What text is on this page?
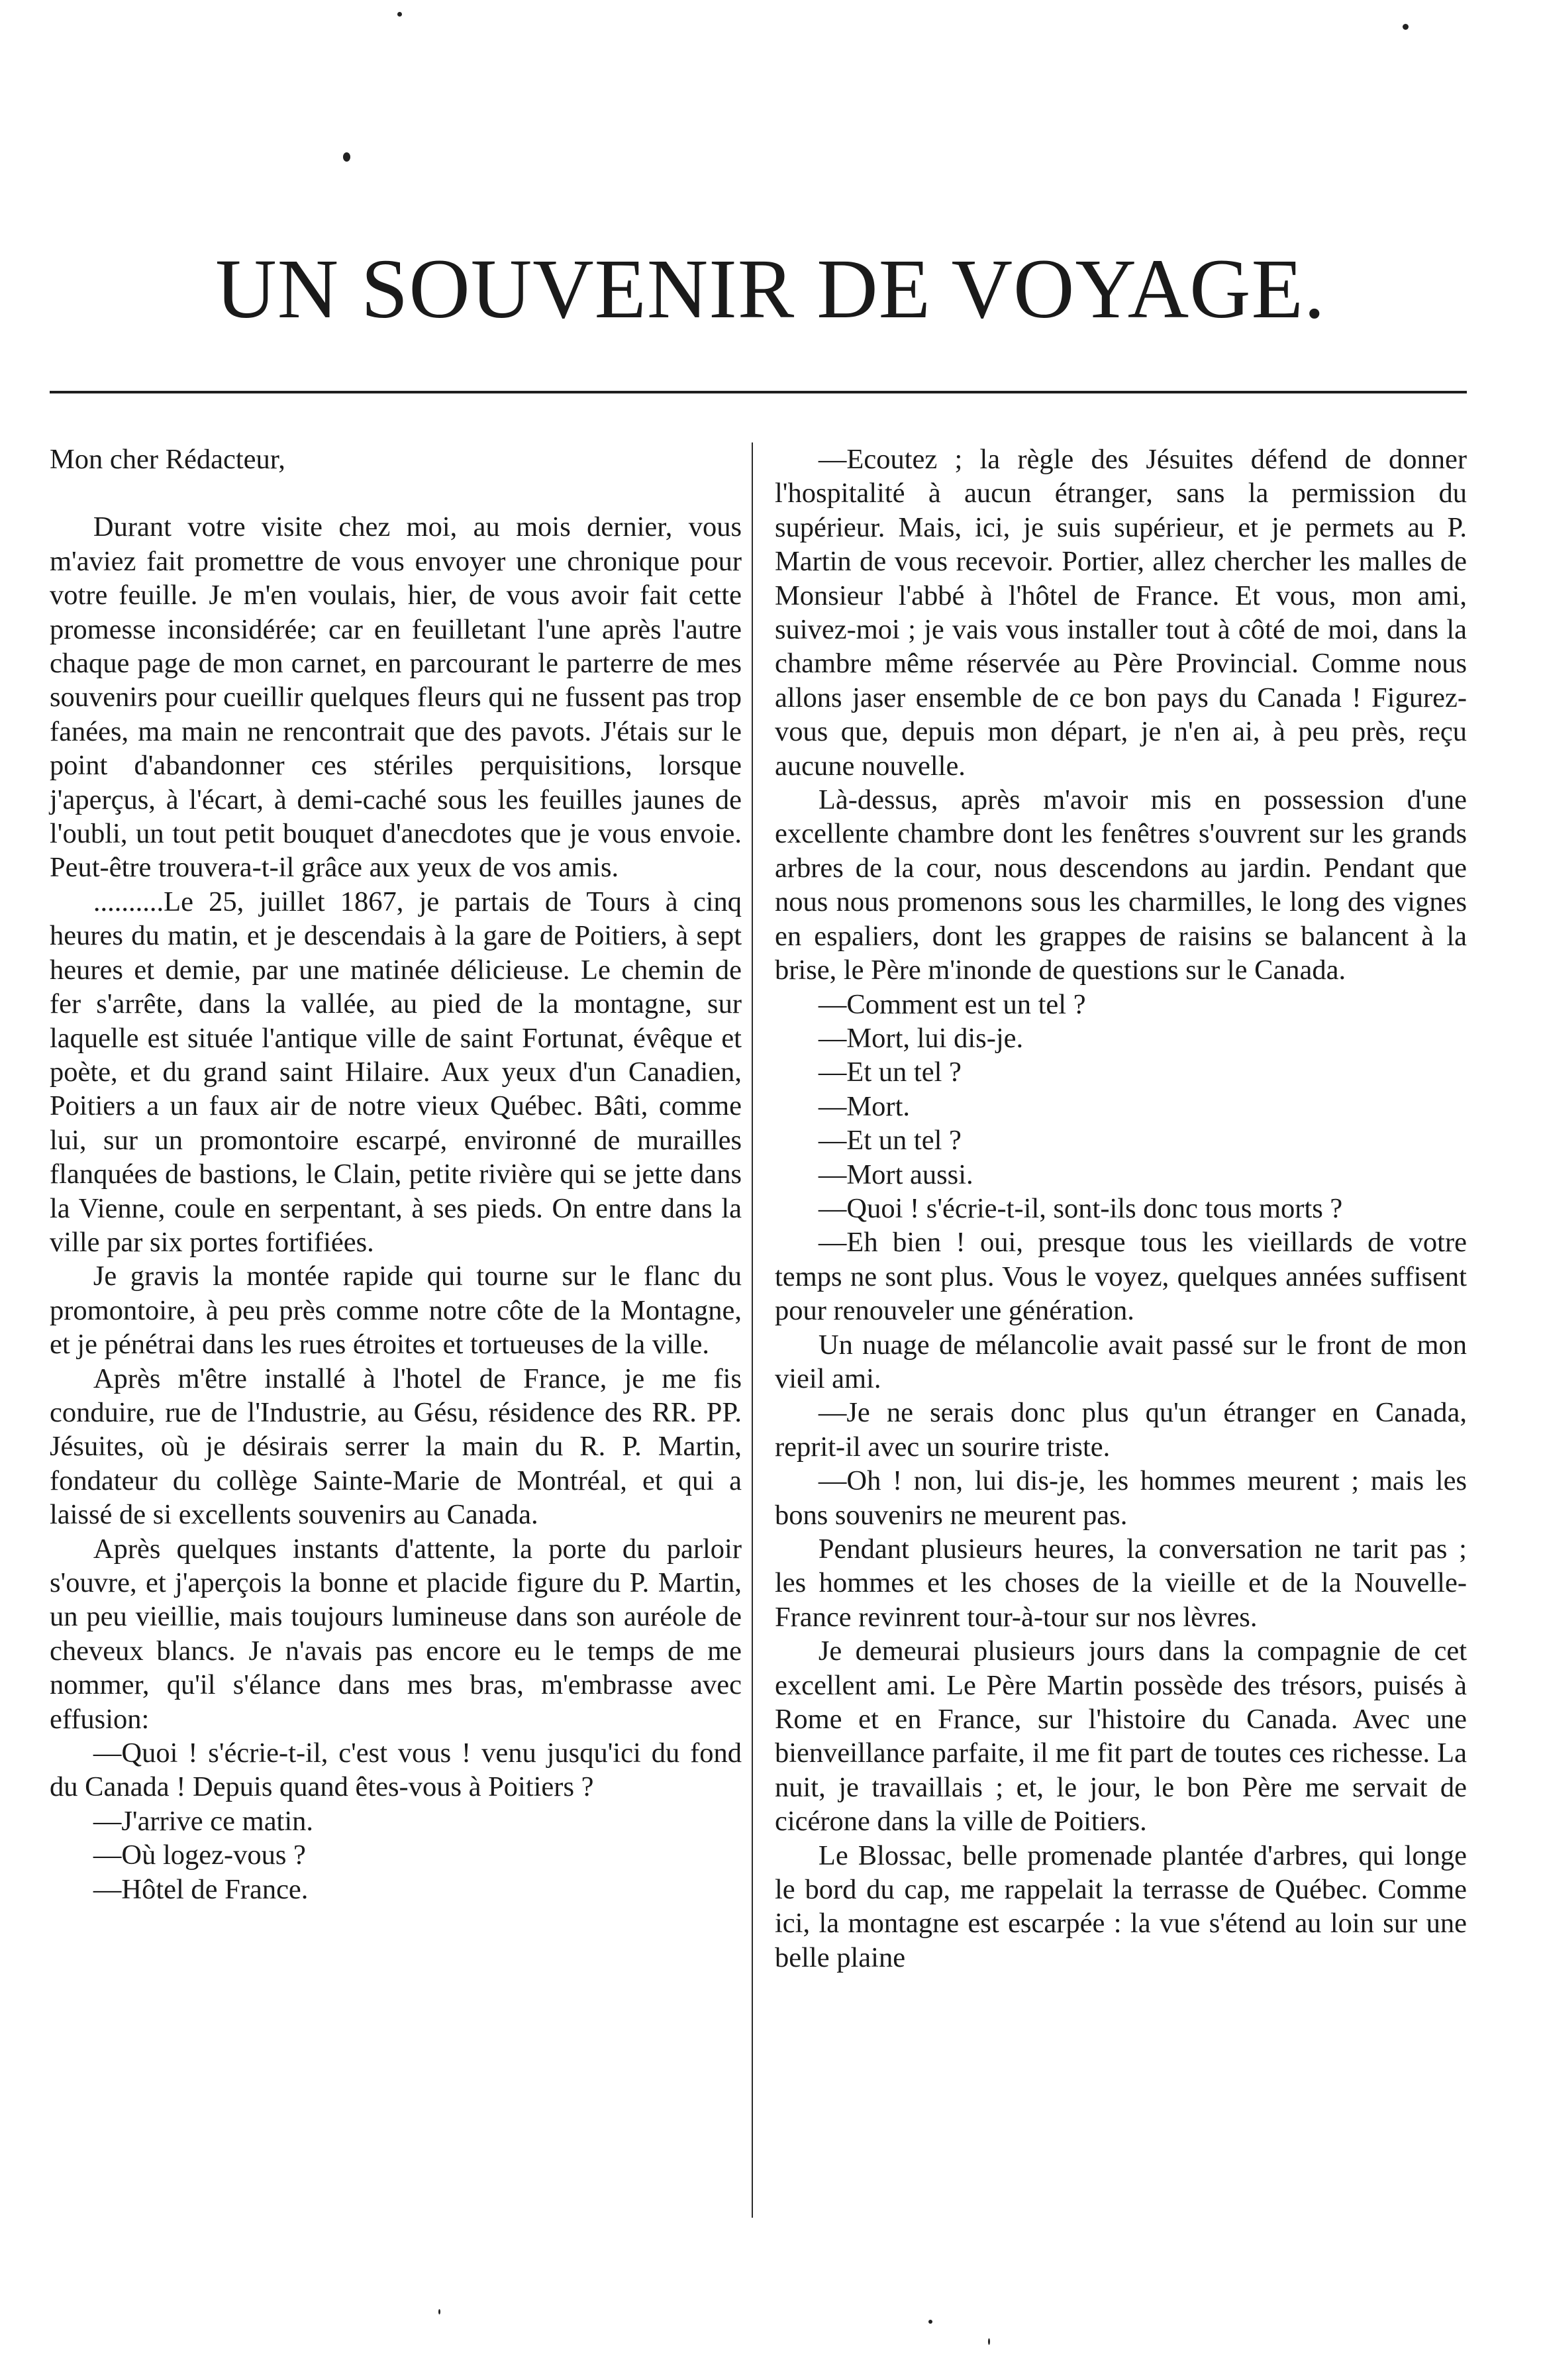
UN SOUVENIR DE VOYAGE.

Mon cher Rédacteur,

Durant votre visite chez moi, au mois dernier, vous m'aviez fait promettre de vous envoyer une chronique pour votre feuille. Je m'en voulais, hier, de vous avoir fait cette promesse inconsidérée; car en feuilletant l'une après l'autre chaque page de mon carnet, en parcourant le parterre de mes souvenirs pour cueillir quelques fleurs qui ne fussent pas trop fanées, ma main ne rencontrait que des pavots. J'étais sur le point d'abandonner ces stériles perquisitions, lorsque j'aperçus, à l'écart, à demi-caché sous les feuilles jaunes de l'oubli, un tout petit bouquet d'anecdotes que je vous envoie. Peut-être trouvera-t-il grâce aux yeux de vos amis.

..........Le 25, juillet 1867, je partais de Tours à cinq heures du matin, et je descendais à la gare de Poitiers, à sept heures et demie, par une matinée délicieuse. Le chemin de fer s'arrête, dans la vallée, au pied de la montagne, sur laquelle est située l'antique ville de saint Fortunat, évêque et poète, et du grand saint Hilaire. Aux yeux d'un Canadien, Poitiers a un faux air de notre vieux Québec. Bâti, comme lui, sur un promontoire escarpé, environné de murailles flanquées de bastions, le Clain, petite rivière qui se jette dans la Vienne, coule en serpentant, à ses pieds. On entre dans la ville par six portes fortifiées.

Je gravis la montée rapide qui tourne sur le flanc du promontoire, à peu près comme notre côte de la Montagne, et je pénétrai dans les rues étroites et tortueuses de la ville.

Après m'être installé à l'hotel de France, je me fis conduire, rue de l'Industrie, au Gésu, résidence des RR. PP. Jésuites, où je désirais serrer la main du R. P. Martin, fondateur du collège Sainte-Marie de Montréal, et qui a laissé de si excellents souvenirs au Canada.

Après quelques instants d'attente, la porte du parloir s'ouvre, et j'aperçois la bonne et placide figure du P. Martin, un peu vieillie, mais toujours lumineuse dans son auréole de cheveux blancs. Je n'avais pas encore eu le temps de me nommer, qu'il s'élance dans mes bras, m'embrasse avec effusion:

—Quoi ! s'écrie-t-il, c'est vous ! venu jusqu'ici du fond du Canada ! Depuis quand êtes-vous à Poitiers ?

—J'arrive ce matin.

—Où logez-vous ?

—Hôtel de France.

—Ecoutez ; la règle des Jésuites défend de donner l'hospitalité à aucun étranger, sans la permission du supérieur. Mais, ici, je suis supérieur, et je permets au P. Martin de vous recevoir. Portier, allez chercher les malles de Monsieur l'abbé à l'hôtel de France. Et vous, mon ami, suivez-moi ; je vais vous installer tout à côté de moi, dans la chambre même réservée au Père Provincial. Comme nous allons jaser ensemble de ce bon pays du Canada ! Figurez-vous que, depuis mon départ, je n'en ai, à peu près, reçu aucune nouvelle.

Là-dessus, après m'avoir mis en possession d'une excellente chambre dont les fenêtres s'ouvrent sur les grands arbres de la cour, nous descendons au jardin. Pendant que nous nous promenons sous les charmilles, le long des vignes en espaliers, dont les grappes de raisins se balancent à la brise, le Père m'inonde de questions sur le Canada.

—Comment est un tel ?

—Mort, lui dis-je.

—Et un tel ?

—Mort.

—Et un tel ?

—Mort aussi.

—Quoi ! s'écrie-t-il, sont-ils donc tous morts ?

—Eh bien ! oui, presque tous les vieillards de votre temps ne sont plus. Vous le voyez, quelques années suffisent pour renouveler une génération.

Un nuage de mélancolie avait passé sur le front de mon vieil ami.

—Je ne serais donc plus qu'un étranger en Canada, reprit-il avec un sourire triste.

—Oh ! non, lui dis-je, les hommes meurent ; mais les bons souvenirs ne meurent pas.

Pendant plusieurs heures, la conversation ne tarit pas ; les hommes et les choses de la vieille et de la Nouvelle-France revinrent tour-à-tour sur nos lèvres.

Je demeurai plusieurs jours dans la compagnie de cet excellent ami. Le Père Martin possède des trésors, puisés à Rome et en France, sur l'histoire du Canada. Avec une bienveillance parfaite, il me fit part de toutes ces richesse. La nuit, je travaillais ; et, le jour, le bon Père me servait de cicérone dans la ville de Poitiers.

Le Blossac, belle promenade plantée d'arbres, qui longe le bord du cap, me rappelait la terrasse de Québec. Comme ici, la montagne est escarpée : la vue s'étend au loin sur une belle plaine
